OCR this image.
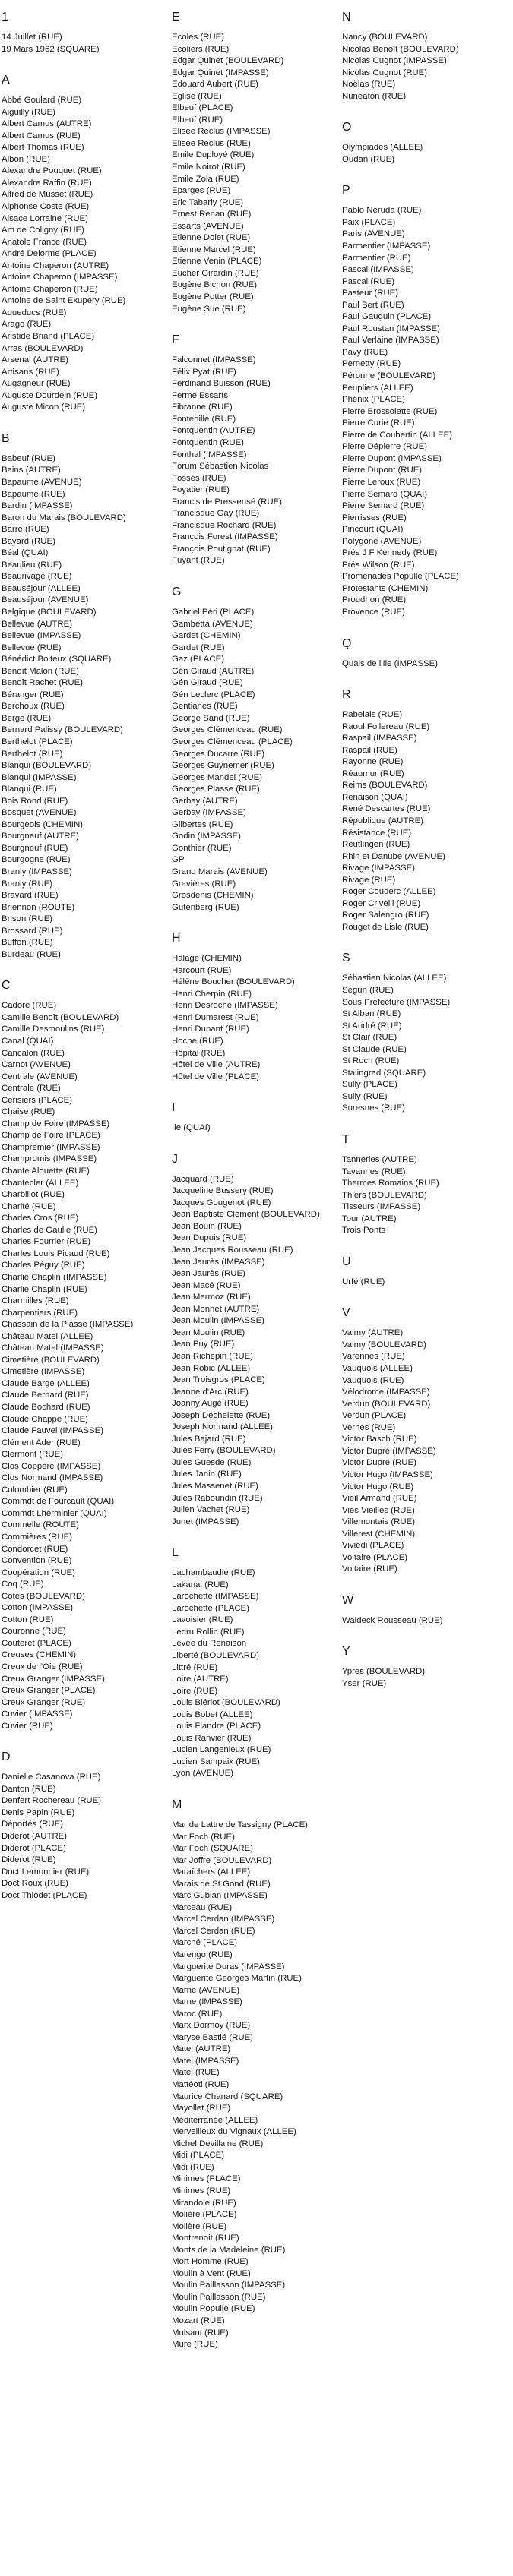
1
14 Juillet (RUE)
19 Mars 1962 (SQUARE)
A
Abbé Goulard (RUE)
Aiguilly (RUE)
Albert Camus (AUTRE)
Albert Camus (RUE)
Albert Thomas (RUE)
Albon (RUE)
Alexandre Pouquet (RUE)
Alexandre Raffin (RUE)
Alfred de Musset (RUE)
Alphonse Coste (RUE)
Alsace Lorraine (RUE)
Am de Coligny (RUE)
Anatole France (RUE)
André Delorme (PLACE)
Antoine Chaperon (AUTRE)
Antoine Chaperon (IMPASSE)
Antoine Chaperon (RUE)
Antoine de Saint Exupéry (RUE)
Aqueducs (RUE)
Arago (RUE)
Aristide Briand (PLACE)
Arras (BOULEVARD)
Arsenal (AUTRE)
Artisans (RUE)
Augagneur (RUE)
Auguste Dourdein (RUE)
Auguste Micon (RUE)
B
Babeuf (RUE)
Bains (AUTRE)
Bapaume (AVENUE)
Bapaume (RUE)
Bardin (IMPASSE)
Baron du Marais (BOULEVARD)
Barre (RUE)
Bayard (RUE)
Béal (QUAI)
Beaulieu (RUE)
Beaurivage (RUE)
Beauséjour (ALLEE)
Beauséjour (AVENUE)
Belgique (BOULEVARD)
Bellevue (AUTRE)
Bellevue (IMPASSE)
Bellevue (RUE)
Bénédict Boiteux (SQUARE)
Benoît Malon (RUE)
Benoît Rachet (RUE)
Béranger (RUE)
Berchoux (RUE)
Berge (RUE)
Bernard Palissy (BOULEVARD)
Berthelot (PLACE)
Berthelot (RUE)
Blanqui (BOULEVARD)
Blanqui (IMPASSE)
Blanqui (RUE)
Bois Rond (RUE)
Bosquet (AVENUE)
Bourgeois (CHEMIN)
Bourgneuf (AUTRE)
Bourgneuf (RUE)
Bourgogne (RUE)
Branly (IMPASSE)
Branly (RUE)
Bravard (RUE)
Briennon (ROUTE)
Brison (RUE)
Brossard (RUE)
Buffon (RUE)
Burdeau (RUE)
C
Cadore (RUE)
Camille Benoît (BOULEVARD)
Camille Desmoulins (RUE)
Canal (QUAI)
Cancalon (RUE)
Carnot (AVENUE)
Centrale (AVENUE)
Centrale (RUE)
Cerisiers (PLACE)
Chaise (RUE)
Champ de Foire (IMPASSE)
Champ de Foire (PLACE)
Champremier (IMPASSE)
Champromis (IMPASSE)
Chante Alouette (RUE)
Chantecler (ALLEE)
Charbillot (RUE)
Charité (RUE)
Charles Cros (RUE)
Charles de Gaulle (RUE)
Charles Fourrier (RUE)
Charles Louis Picaud (RUE)
Charles Péguy (RUE)
Charlie Chaplin (IMPASSE)
Charlie Chaplin (RUE)
Charmilles (RUE)
Charpentiers (RUE)
Chassain de la Plasse (IMPASSE)
Château Matel (ALLEE)
Château Matel (IMPASSE)
Cimetière (BOULEVARD)
Cimetière (IMPASSE)
Claude Barge (ALLEE)
Claude Bernard (RUE)
Claude Bochard (RUE)
Claude Chappe (RUE)
Claude Fauvel (IMPASSE)
Clément Ader (RUE)
Clermont (RUE)
Clos Coppéré (IMPASSE)
Clos Normand (IMPASSE)
Colombier (RUE)
Commdt de Fourcault (QUAI)
Commdt Lherminier (QUAI)
Commelle (ROUTE)
Commières (RUE)
Condorcet (RUE)
Convention (RUE)
Coopération (RUE)
Coq (RUE)
Côtes (BOULEVARD)
Cotton (IMPASSE)
Cotton (RUE)
Couronne (RUE)
Couteret (PLACE)
Creuses (CHEMIN)
Creux de l'Oie (RUE)
Creux Granger (IMPASSE)
Creux Granger (PLACE)
Creux Granger (RUE)
Cuvier (IMPASSE)
Cuvier (RUE)
D
Danielle Casanova (RUE)
Danton (RUE)
Denfert Rochereau (RUE)
Denis Papin (RUE)
Déportés (RUE)
Diderot (AUTRE)
Diderot (PLACE)
Diderot (RUE)
Doct Lemonnier (RUE)
Doct Roux (RUE)
Doct Thiodet (PLACE)
E
Ecoles (RUE)
Ecoliers (RUE)
Edgar Quinet (BOULEVARD)
Edgar Quinet (IMPASSE)
Edouard Aubert (RUE)
Eglise (RUE)
Elbeuf (PLACE)
Elbeuf (RUE)
Elisée Reclus (IMPASSE)
Elisée Reclus (RUE)
Emile Duployé (RUE)
Emile Noirot (RUE)
Emile Zola (RUE)
Eparges (RUE)
Eric Tabarly (RUE)
Ernest Renan (RUE)
Essarts (AVENUE)
Etienne Dolet (RUE)
Etienne Marcel (RUE)
Etienne Venin (PLACE)
Eucher Girardin (RUE)
Eugène Bichon (RUE)
Eugène Potter (RUE)
Eugène Sue (RUE)
F
Falconnet (IMPASSE)
Félix Pyat (RUE)
Ferdinand Buisson (RUE)
Ferme Essarts
Fibranne (RUE)
Fontenille (RUE)
Fontquentin (AUTRE)
Fontquentin (RUE)
Fonthal (IMPASSE)
Forum Sébastien Nicolas
Fossés (RUE)
Foyatier (RUE)
Francis de Pressensé (RUE)
Francisque Gay (RUE)
Francisque Rochard (RUE)
François Forest (IMPASSE)
François Poutignat (RUE)
Fuyant (RUE)
G
Gabriel Péri (PLACE)
Gambetta (AVENUE)
Gardet (CHEMIN)
Gardet (RUE)
Gaz (PLACE)
Gén Giraud (AUTRE)
Gén Giraud (RUE)
Gén Leclerc (PLACE)
Gentianes (RUE)
George Sand (RUE)
Georges Clémenceau (RUE)
Georges Clémenceau (PLACE)
Georges Ducarre (RUE)
Georges Guynemer (RUE)
Georges Mandel (RUE)
Georges Plasse (RUE)
Gerbay (AUTRE)
Gerbay (IMPASSE)
Gilbertes (RUE)
Godin (IMPASSE)
Gonthier (RUE)
GP
Grand Marais (AVENUE)
Gravières (RUE)
Grosdenis (CHEMIN)
Gutenberg (RUE)
H
Halage (CHEMIN)
Harcourt (RUE)
Hélène Boucher (BOULEVARD)
Henri Cherpin (RUE)
Henri Desroche (IMPASSE)
Henri Dumarest (RUE)
Henri Dunant (RUE)
Hoche (RUE)
Hôpital (RUE)
Hôtel de Ville (AUTRE)
Hôtel de Ville (PLACE)
I
Ile (QUAI)
J
Jacquard (RUE)
Jacqueline Bussery (RUE)
Jacques Gougenot (RUE)
Jean Baptiste Clément (BOULEVARD)
Jean Bouin (RUE)
Jean Dupuis (RUE)
Jean Jacques Rousseau (RUE)
Jean Jaurès (IMPASSE)
Jean Jaurès (RUE)
Jean Macé (RUE)
Jean Mermoz (RUE)
Jean Monnet (AUTRE)
Jean Moulin (IMPASSE)
Jean Moulin (RUE)
Jean Puy (RUE)
Jean Richepin (RUE)
Jean Robic (ALLEE)
Jean Troisgros (PLACE)
Jeanne d'Arc (RUE)
Joanny Augé (RUE)
Joseph Déchelette (RUE)
Joseph Normand (ALLEE)
Jules Bajard (RUE)
Jules Ferry (BOULEVARD)
Jules Guesde (RUE)
Jules Janin (RUE)
Jules Massenet (RUE)
Jules Raboundin (RUE)
Julien Vachet (RUE)
Junet (IMPASSE)
L
Lachambaudie (RUE)
Lakanal (RUE)
Larochette (IMPASSE)
Larochette (PLACE)
Lavoisier (RUE)
Ledru Rollin (RUE)
Levée du Renaison
Liberté (BOULEVARD)
Littré (RUE)
Loire (AUTRE)
Loire (RUE)
Louis Blériot (BOULEVARD)
Louis Bobet (ALLEE)
Louis Flandre (PLACE)
Louis Ranvier (RUE)
Lucien Langenieux (RUE)
Lucien Sampaix (RUE)
Lyon (AVENUE)
M
Mar de Lattre de Tassigny (PLACE)
Mar Foch (RUE)
Mar Foch (SQUARE)
Mar Joffre (BOULEVARD)
Maraîchers (ALLEE)
Marais de St Gond (RUE)
Marc Gubian (IMPASSE)
Marceau (RUE)
Marcel Cerdan (IMPASSE)
Marcel Cerdan (RUE)
Marché (PLACE)
Marengo (RUE)
Marguerite Duras (IMPASSE)
Marguerite Georges Martin (RUE)
Marne (AVENUE)
Marne (IMPASSE)
Maroc (RUE)
Marx Dormoy (RUE)
Maryse Bastié (RUE)
Matel (AUTRE)
Matel (IMPASSE)
Matel (RUE)
Mattéoti (RUE)
Maurice Chanard (SQUARE)
Mayollet (RUE)
Méditerranée (ALLEE)
Merveilleux du Vignaux (ALLEE)
Michel Devillaine (RUE)
Midi (PLACE)
Midi (RUE)
Minimes (PLACE)
Minimes (RUE)
Mirandole (RUE)
Molière (PLACE)
Molière (RUE)
Montrenoit (RUE)
Monts de la Madeleine (RUE)
Mort Homme (RUE)
Moulin à Vent (RUE)
Moulin Paillasson (IMPASSE)
Moulin Paillasson (RUE)
Moulin Populle (RUE)
Mozart (RUE)
Mulsant (RUE)
Mure (RUE)
N
Nancy (BOULEVARD)
Nicolas Benoît (BOULEVARD)
Nicolas Cugnot (IMPASSE)
Nicolas Cugnot (RUE)
Noëlas (RUE)
Nuneaton (RUE)
O
Olympiades (ALLEE)
Oudan (RUE)
P
Pablo Néruda (RUE)
Paix (PLACE)
Paris (AVENUE)
Parmentier (IMPASSE)
Parmentier (RUE)
Pascal (IMPASSE)
Pascal (RUE)
Pasteur (RUE)
Paul Bert (RUE)
Paul Gauguin (PLACE)
Paul Roustan (IMPASSE)
Paul Verlaine (IMPASSE)
Pavy (RUE)
Pernetty (RUE)
Péronne (BOULEVARD)
Peupliers (ALLEE)
Phénix (PLACE)
Pierre Brossolette (RUE)
Pierre Curie (RUE)
Pierre de Coubertin (ALLEE)
Pierre Dépierre (RUE)
Pierre Dupont (IMPASSE)
Pierre Dupont (RUE)
Pierre Leroux (RUE)
Pierre Semard (QUAI)
Pierre Semard (RUE)
Pierrisses (RUE)
Pincourt (QUAI)
Polygone (AVENUE)
Prés J F Kennedy (RUE)
Prés Wilson (RUE)
Promenades Populle (PLACE)
Protestants (CHEMIN)
Proudhon (RUE)
Provence (RUE)
Q
Quais de l'Ile (IMPASSE)
R
Rabelais (RUE)
Raoul Follereau (RUE)
Raspail (IMPASSE)
Raspail (RUE)
Rayonne (RUE)
Réaumur (RUE)
Reims (BOULEVARD)
Renaison (QUAI)
René Descartes (RUE)
République (AUTRE)
Résistance (RUE)
Reutlingen (RUE)
Rhin et Danube (AVENUE)
Rivage (IMPASSE)
Rivage (RUE)
Roger Couderc (ALLEE)
Roger Crivelli (RUE)
Roger Salengro (RUE)
Rouget de Lisle (RUE)
S
Sébastien Nicolas (ALLEE)
Segun (RUE)
Sous Préfecture (IMPASSE)
St Alban (RUE)
St André (RUE)
St Clair (RUE)
St Claude (RUE)
St Roch (RUE)
Stalingrad (SQUARE)
Sully (PLACE)
Sully (RUE)
Suresnes (RUE)
T
Tanneries (AUTRE)
Tavannes (RUE)
Thermes Romains (RUE)
Thiers (BOULEVARD)
Tisseurs (IMPASSE)
Tour (AUTRE)
Trois Ponts
U
Urfé (RUE)
V
Valmy (AUTRE)
Valmy (BOULEVARD)
Varennes (RUE)
Vauquois (ALLEE)
Vauquois (RUE)
Vélodrome (IMPASSE)
Verdun (BOULEVARD)
Verdun (PLACE)
Vernes (RUE)
Victor Basch (RUE)
Victor Dupré (IMPASSE)
Victor Dupré (RUE)
Victor Hugo (IMPASSE)
Victor Hugo (RUE)
Vieil Armand (RUE)
Vies Vieilles (RUE)
Villemontais (RUE)
Villerest (CHEMIN)
Viviêdi (PLACE)
Voltaire (PLACE)
Voltaire (RUE)
W
Waldeck Rousseau (RUE)
Y
Ypres (BOULEVARD)
Yser (RUE)
